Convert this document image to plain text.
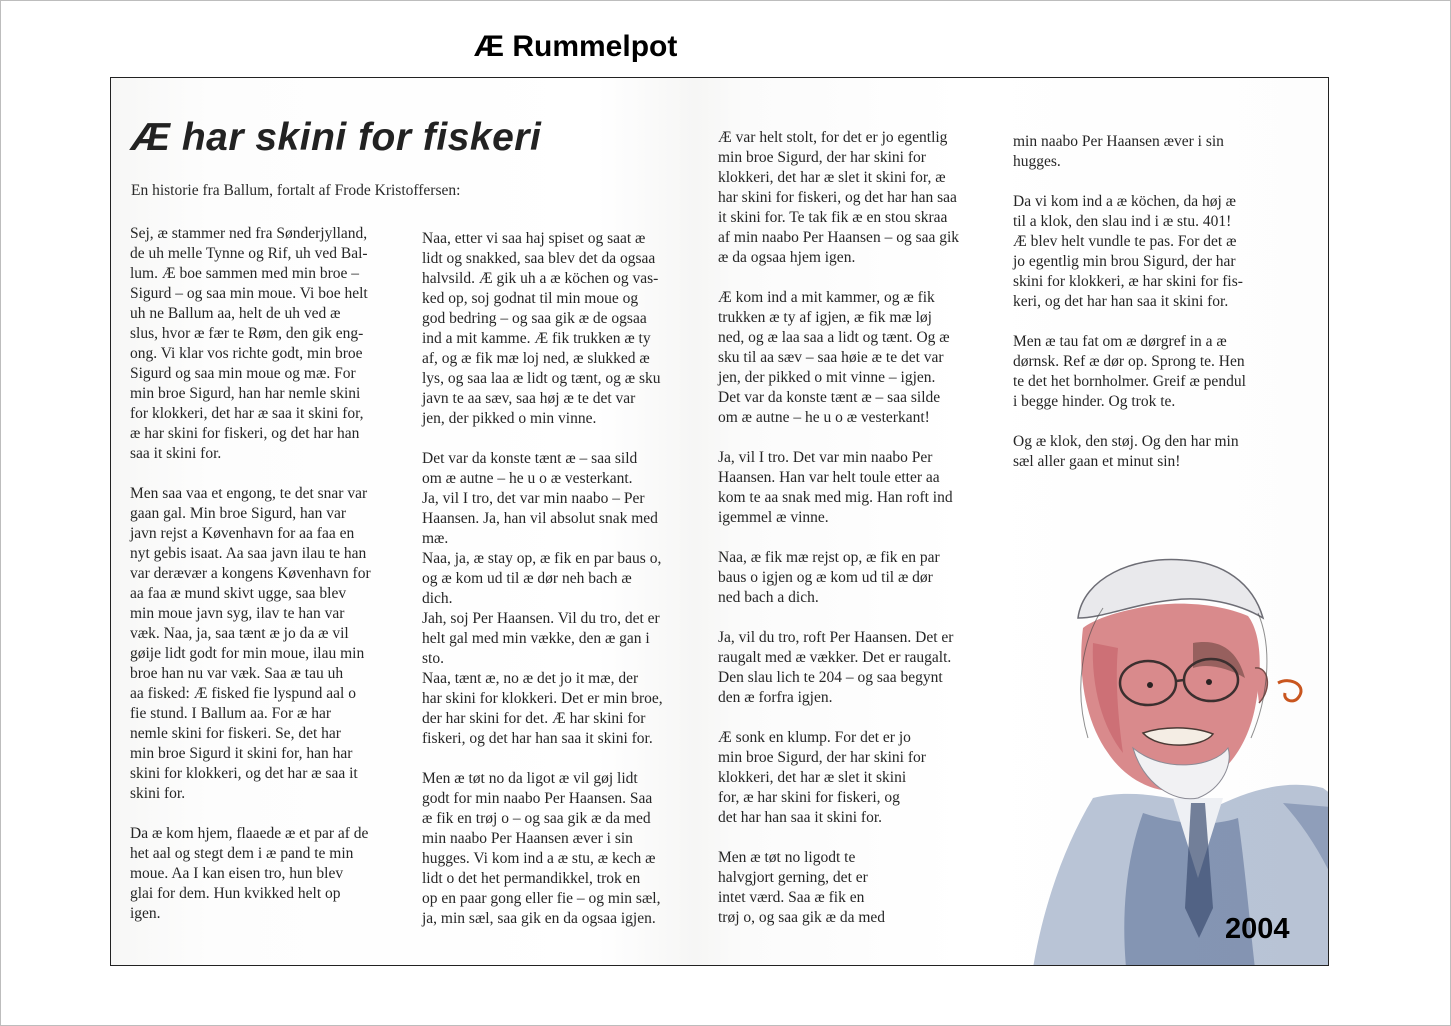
Æ Rummelpot
Æ har skini for fiskeri
En historie fra Ballum, fortalt af Frode Kristoffersen:

Sej, æ stammer ned fra Sønderjylland,
de uh melle Tynne og Rif, uh ved Bal-
lum. Æ boe sammen med min broe –
Sigurd – og saa min moue. Vi boe helt
uh ne Ballum aa, helt de uh ved æ
slus, hvor æ fær te Røm, den gik eng-
ong. Vi klar vos richte godt, min broe
Sigurd og saa min moue og mæ. For
min broe Sigurd, han har nemle skini
for klokkeri, det har æ saa it skini for,
æ har skini for fiskeri, og det har han
saa it skini for.

Men saa vaa et engong, te det snar var
gaan gal. Min broe Sigurd, han var
javn rejst a Køvenhavn for aa faa en
nyt gebis isaat. Aa saa javn ilau te han
var derævær a kongens Køvenhavn for
aa faa æ mund skivt ugge, saa blev
min moue javn syg, ilav te han var
væk. Naa, ja, saa tænt æ jo da æ vil
gøije lidt godt for min moue, ilau min
broe han nu var væk. Saa æ tau uh
aa fisked: Æ fisked fie lyspund aal o
fie stund. I Ballum aa. For æ har
nemle skini for fiskeri. Se, det har
min broe Sigurd it skini for, han har
skini for klokkeri, og det har æ saa it
skini for.

Da æ kom hjem, flaaede æ et par af de
het aal og stegt dem i æ pand te min
moue. Aa I kan eisen tro, hun blev
glai for dem. Hun kvikked helt op
igen.

Naa, etter vi saa haj spiset og saat æ
lidt og snakked, saa blev det da ogsaa
halvsild. Æ gik uh a æ köchen og vas-
ked op, soj godnat til min moue og
god bedring – og saa gik æ de ogsaa
ind a mit kamme. Æ fik trukken æ ty
af, og æ fik mæ loj ned, æ slukked æ
lys, og saa laa æ lidt og tænt, og æ sku
javn te aa sæv, saa høj æ te det var
jen, der pikked o min vinne.

Det var da konste tænt æ – saa sild
om æ autne – he u o æ vesterkant.
Ja, vil I tro, det var min naabo – Per
Haansen. Ja, han vil absolut snak med
mæ.
Naa, ja, æ stay op, æ fik en par baus o,
og æ kom ud til æ dør neh bach æ
dich.
Jah, soj Per Haansen. Vil du tro, det er
helt gal med min vække, den æ gan i
sto.
Naa, tænt æ, no æ det jo it mæ, der
har skini for klokkeri. Det er min broe,
der har skini for det. Æ har skini for
fiskeri, og det har han saa it skini for.

Men æ tøt no da ligot æ vil gøj lidt
godt for min naabo Per Haansen. Saa
æ fik en trøj o – og saa gik æ da med
min naabo Per Haansen æver i sin
hugges. Vi kom ind a æ stu, æ kech æ
lidt o det het permandikkel, trok en
op en paar gong eller fie – og min sæl,
ja, min sæl, saa gik en da ogsaa igjen.

Æ var helt stolt, for det er jo egentlig
min broe Sigurd, der har skini for
klokkeri, det har æ slet it skini for, æ
har skini for fiskeri, og det har han saa
it skini for. Te tak fik æ en stou skraa
af min naabo Per Haansen – og saa gik
æ da ogsaa hjem igen.

Æ kom ind a mit kammer, og æ fik
trukken æ ty af igjen, æ fik mæ løj
ned, og æ laa saa a lidt og tænt. Og æ
sku til aa sæv – saa høie æ te det var
jen, der pikked o mit vinne – igjen.
Det var da konste tænt æ – saa silde
om æ autne – he u o æ vesterkant!

Ja, vil I tro. Det var min naabo Per
Haansen. Han var helt toule etter aa
kom te aa snak med mig. Han roft ind
igemmel æ vinne.

Naa, æ fik mæ rejst op, æ fik en par
baus o igjen og æ kom ud til æ dør
ned bach a dich.

Ja, vil du tro, roft Per Haansen. Det er
raugalt med æ vækker. Det er raugalt.
Den slau lich te 204 – og saa begynt
den æ forfra igjen.

Æ sonk en klump. For det er jo
min broe Sigurd, der har skini for
klokkeri, det har æ slet it skini
for, æ har skini for fiskeri, og
det har han saa it skini for.

Men æ tøt no ligodt te
halvgjort gerning, det er
intet værd. Saa æ fik en
trøj o, og saa gik æ da med

min naabo Per Haansen æver i sin
hugges.

Da vi kom ind a æ köchen, da høj æ
til a klok, den slau ind i æ stu. 401!
Æ blev helt vundle te pas. For det æ
jo egentlig min brou Sigurd, der har
skini for klokkeri, æ har skini for fis-
keri, og det har han saa it skini for.

Men æ tau fat om æ dørgref in a æ
dørnsk. Ref æ dør op. Sprong te. Hen
te det het bornholmer. Greif æ pendul
i begge hinder. Og trok te.

Og æ klok, den støj. Og den har min
sæl aller gaan et minut sin!

2004
